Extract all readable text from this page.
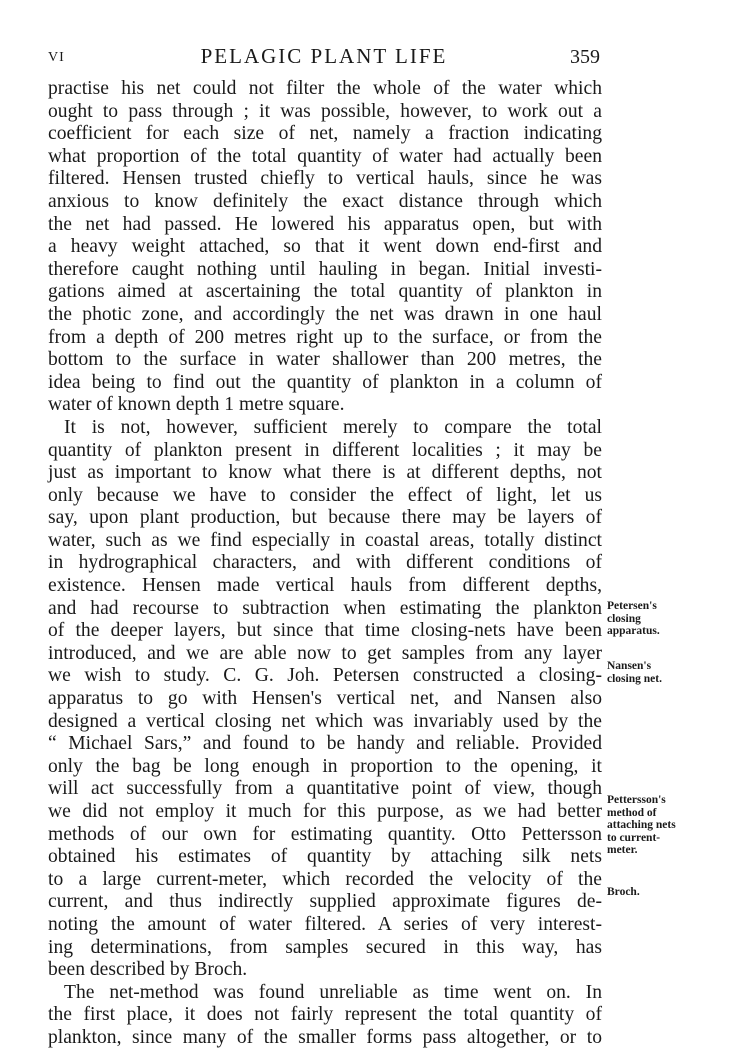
VI	PELAGIC PLANT LIFE	359
practise his net could not filter the whole of the water which
ought to pass through ; it was possible, however, to work out a
coefficient for each size of net, namely a fraction indicating
what proportion of the total quantity of water had actually been
filtered. Hensen trusted chiefly to vertical hauls, since he was
anxious to know definitely the exact distance through which
the net had passed. He lowered his apparatus open, but with
a heavy weight attached, so that it went down end-first and
therefore caught nothing until hauling in began. Initial investi-
gations aimed at ascertaining the total quantity of plankton in
the photic zone, and accordingly the net was drawn in one haul
from a depth of 200 metres right up to the surface, or from the
bottom to the surface in water shallower than 200 metres, the
idea being to find out the quantity of plankton in a column of
water of known depth 1 metre square.
It is not, however, sufficient merely to compare the total
quantity of plankton present in different localities ; it may be
just as important to know what there is at different depths, not
only because we have to consider the effect of light, let us
say, upon plant production, but because there may be layers of
water, such as we find especially in coastal areas, totally distinct
in hydrographical characters, and with different conditions of
existence. Hensen made vertical hauls from different depths,
and had recourse to subtraction when estimating the plankton
of the deeper layers, but since that time closing-nets have been
introduced, and we are able now to get samples from any layer
we wish to study. C. G. Joh. Petersen constructed a closing-
apparatus to go with Hensen's vertical net, and Nansen also
designed a vertical closing net which was invariably used by the
“ Michael Sars,” and found to be handy and reliable. Provided
only the bag be long enough in proportion to the opening, it
will act successfully from a quantitative point of view, though
we did not employ it much for this purpose, as we had better
methods of our own for estimating quantity. Otto Pettersson
obtained his estimates of quantity by attaching silk nets
to a large current-meter, which recorded the velocity of the
current, and thus indirectly supplied approximate figures de-
noting the amount of water filtered. A series of very interest-
ing determinations, from samples secured in this way, has
been described by Broch.
The net-method was found unreliable as time went on. In
the first place, it does not fairly represent the total quantity of
plankton, since many of the smaller forms pass altogether, or to
Petersen's
closing
apparatus.
Nansen's
closing net.
Pettersson's
method of
attaching nets
to current-
meter.
Broch.
